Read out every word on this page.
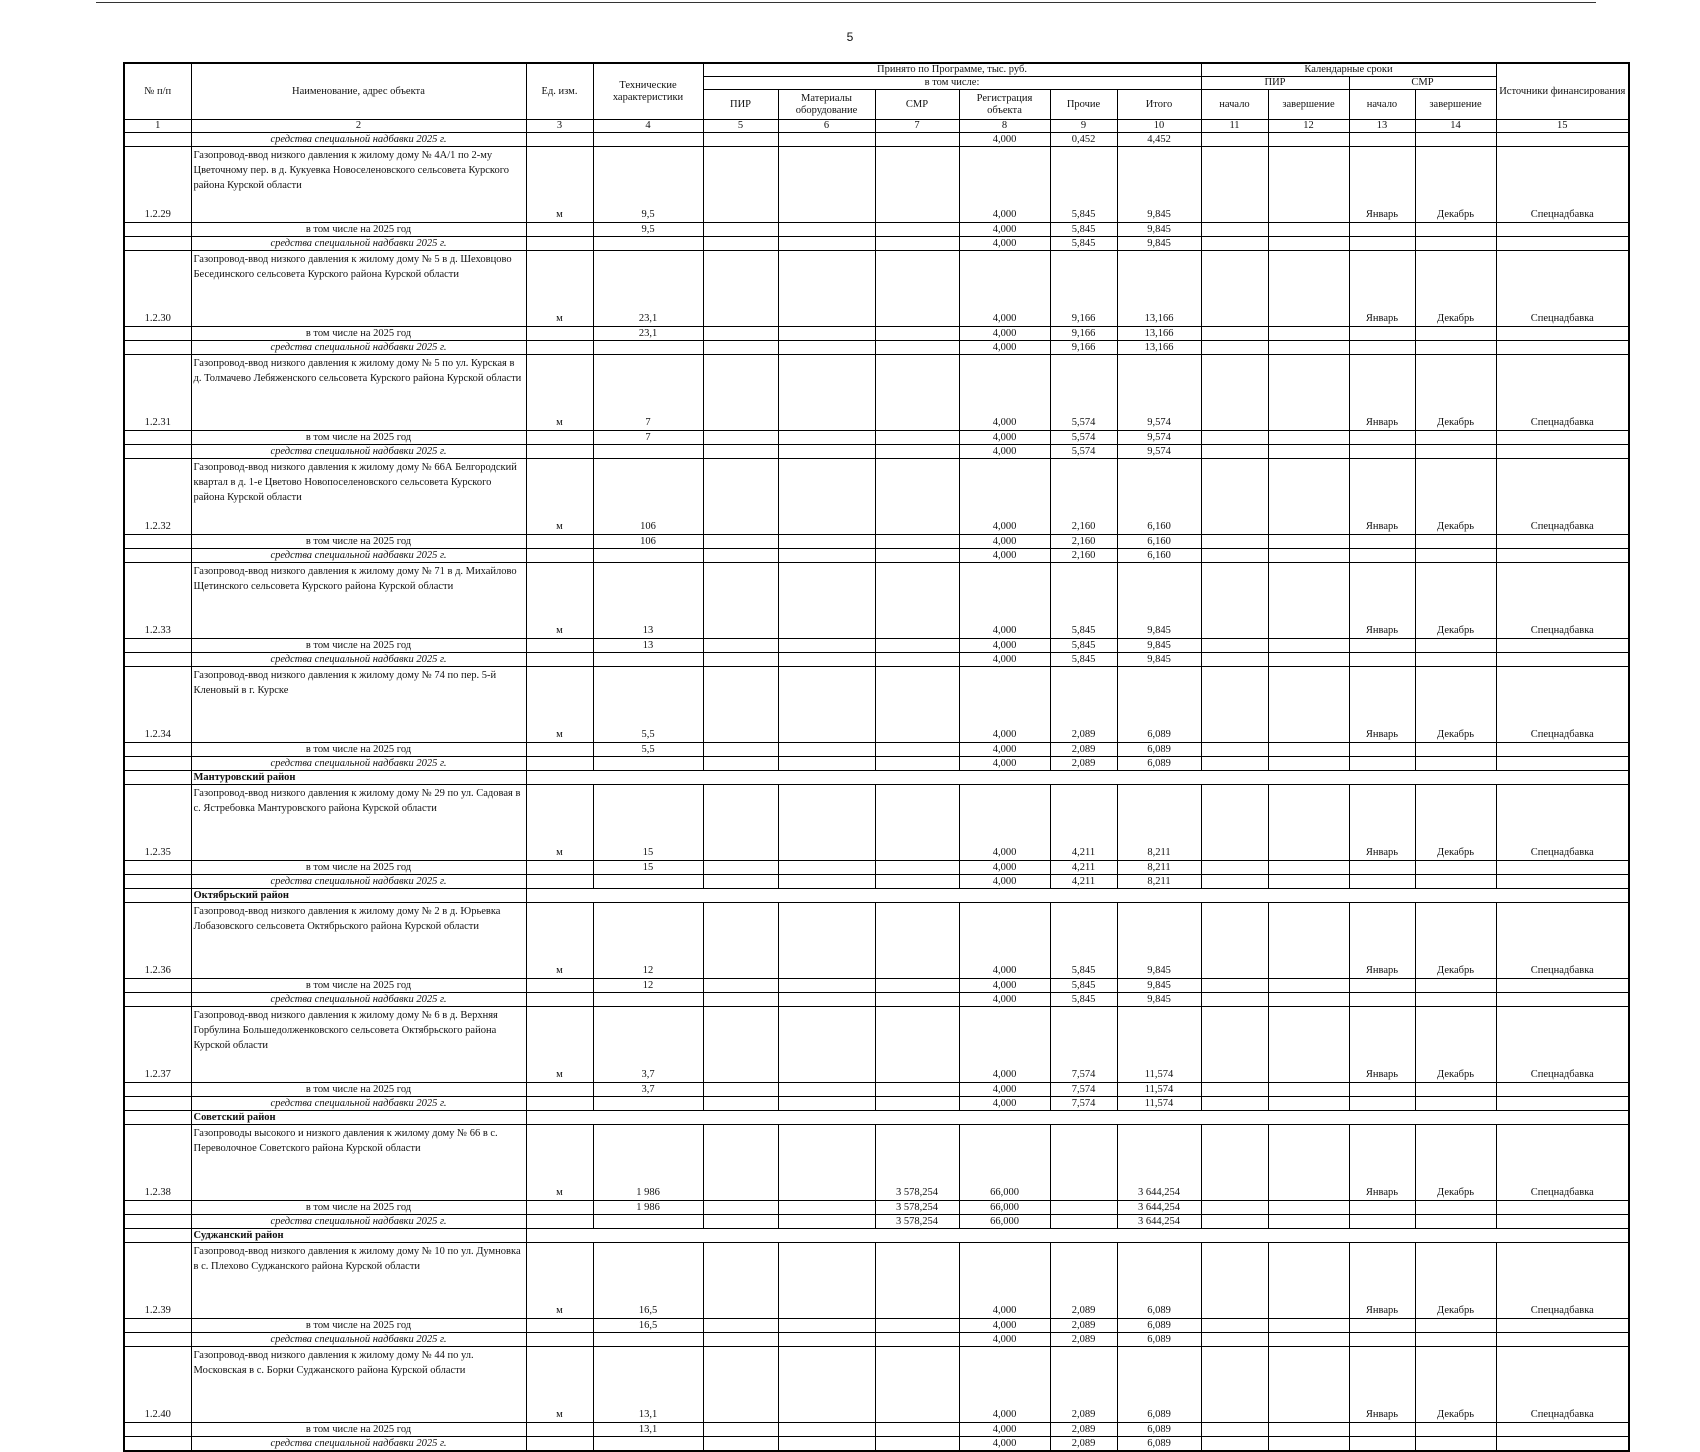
5
№ п/п	Наименование, адрес объекта	Ед. изм.	Технические характеристики	Принято по Программе, тыс. руб.						Календарные сроки				Источники финансирования
				в том числе:						ПИР		СМР		
				ПИР	Материалы оборудование	СМР	Регистрация объекта	Прочие	Итого	начало	завершение	начало	завершение	
1	2	3	4	5	6	7	8	9	10	11	12	13	14	15
	средства специальной надбавки 2025 г.						4,000	0,452	4,452					
1.2.29	Газопровод-ввод низкого давления к жилому дому № 4А/1 по 2-му Цветочному пер. в д. Кукуевка Новоселеновского сельсовета Курского района Курской области	м	9,5				4,000	5,845	9,845			Январь	Декабрь	Спецнадбавка
	в том числе на 2025 год		9,5				4,000	5,845	9,845					
	средства специальной надбавки 2025 г.						4,000	5,845	9,845					
1.2.30	Газопровод-ввод низкого давления к жилому дому № 5 в д. Шеховцово Бесединского сельсовета Курского района Курской области	м	23,1				4,000	9,166	13,166			Январь	Декабрь	Спецнадбавка
	в том числе на 2025 год		23,1				4,000	9,166	13,166					
	средства специальной надбавки 2025 г.						4,000	9,166	13,166					
1.2.31	Газопровод-ввод низкого давления к жилому дому № 5 по ул. Курская в д. Толмачево Лебяженского сельсовета Курского района Курской области	м	7				4,000	5,574	9,574			Январь	Декабрь	Спецнадбавка
	в том числе на 2025 год		7				4,000	5,574	9,574					
	средства специальной надбавки 2025 г.						4,000	5,574	9,574					
1.2.32	Газопровод-ввод низкого давления к жилому дому № 66А Белгородский квартал в д. 1-е Цветово Новопоселеновского сельсовета Курского района Курской области	м	106				4,000	2,160	6,160			Январь	Декабрь	Спецнадбавка
	в том числе на 2025 год		106				4,000	2,160	6,160					
	средства специальной надбавки 2025 г.						4,000	2,160	6,160					
1.2.33	Газопровод-ввод низкого давления к жилому дому № 71 в д. Михайлово Щетинского сельсовета Курского района Курской области	м	13				4,000	5,845	9,845			Январь	Декабрь	Спецнадбавка
	в том числе на 2025 год		13				4,000	5,845	9,845					
	средства специальной надбавки 2025 г.						4,000	5,845	9,845					
1.2.34	Газопровод-ввод низкого давления к жилому дому № 74 по пер. 5-й Кленовый в г. Курске	м	5,5				4,000	2,089	6,089			Январь	Декабрь	Спецнадбавка
	в том числе на 2025 год		5,5				4,000	2,089	6,089					
	средства специальной надбавки 2025 г.						4,000	2,089	6,089					
	Мантуровский район													
1.2.35	Газопровод-ввод низкого давления к жилому дому № 29 по ул. Садовая в с. Ястребовка Мантуровского района Курской области	м	15				4,000	4,211	8,211			Январь	Декабрь	Спецнадбавка
	в том числе на 2025 год		15				4,000	4,211	8,211					
	средства специальной надбавки 2025 г.						4,000	4,211	8,211					
	Октябрьский район													
1.2.36	Газопровод-ввод низкого давления к жилому дому № 2 в д. Юрьевка Лобазовского сельсовета Октябрьского района Курской области	м	12				4,000	5,845	9,845			Январь	Декабрь	Спецнадбавка
	в том числе на 2025 год		12				4,000	5,845	9,845					
	средства специальной надбавки 2025 г.						4,000	5,845	9,845					
1.2.37	Газопровод-ввод низкого давления к жилому дому № 6 в д. Верхняя Горбулина Большедолженковского сельсовета Октябрьского района Курской области	м	3,7				4,000	7,574	11,574			Январь	Декабрь	Спецнадбавка
	в том числе на 2025 год		3,7				4,000	7,574	11,574					
	средства специальной надбавки 2025 г.						4,000	7,574	11,574					
	Советский район													
1.2.38	Газопроводы высокого и низкого давления к жилому дому № 66 в с. Переволочное Советского района Курской области	м	1 986			3 578,254	66,000		3 644,254			Январь	Декабрь	Спецнадбавка
	в том числе на 2025 год		1 986			3 578,254	66,000		3 644,254					
	средства специальной надбавки 2025 г.					3 578,254	66,000		3 644,254					
	Суджанский район													
1.2.39	Газопровод-ввод низкого давления к жилому дому № 10 по ул. Думновка в с. Плехово Суджанского района Курской области	м	16,5				4,000	2,089	6,089			Январь	Декабрь	Спецнадбавка
	в том числе на 2025 год		16,5				4,000	2,089	6,089					
	средства специальной надбавки 2025 г.						4,000	2,089	6,089					
1.2.40	Газопровод-ввод низкого давления к жилому дому № 44 по ул. Московская в с. Борки Суджанского района Курской области	м	13,1				4,000	2,089	6,089			Январь	Декабрь	Спецнадбавка
	в том числе на 2025 год		13,1				4,000	2,089	6,089					
	средства специальной надбавки 2025 г.						4,000	2,089	6,089					
